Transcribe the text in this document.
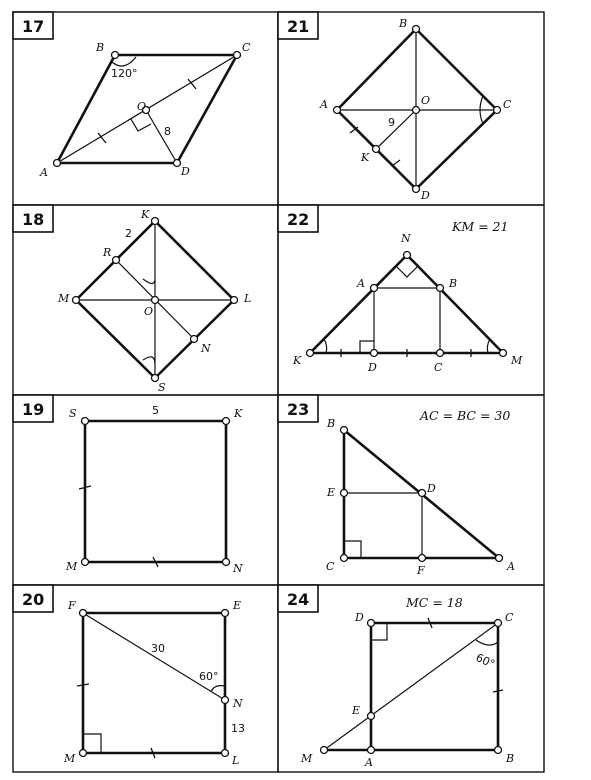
17
B	C
A	D
O
120°
8
21	B
C
D
A	O
K
9
18	K
R
M
O
L
N
S
2
22	KM = 21
N
A	B
K
D	C
M
19 S	K
M	N
5	23	AC = BC = 30
B
E	D
C	F	A
20 F	E
N
M	L
30
60°
13
24	MC = 18
D	C
E
M	A	B
60°
